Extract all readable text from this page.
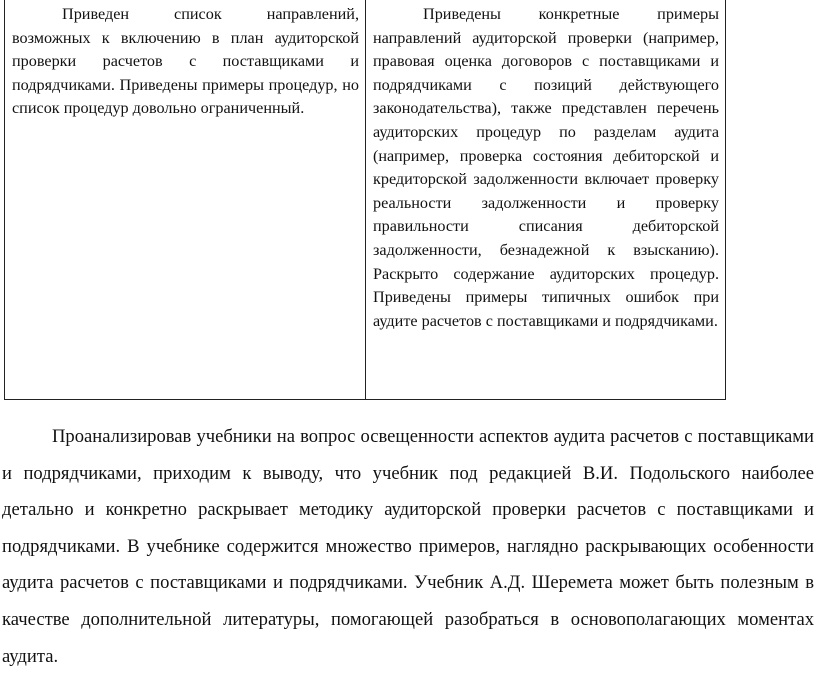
Приведен список направлений, возможных к включению в план аудиторской проверки расчетов с поставщиками и подрядчиками. Приведены примеры процедур, но список процедур довольно ограниченный.
Приведены конкретные примеры направлений аудиторской проверки (например, правовая оценка договоров с поставщиками и подрядчиками с позиций действующего законодательства), также представлен перечень аудиторских процедур по разделам аудита (например, проверка состояния дебиторской и кредиторской задолженности включает проверку реальности задолженности и проверку правильности списания дебиторской задолженности, безнадежной к взысканию). Раскрыто содержание аудиторских процедур. Приведены примеры типичных ошибок при аудите расчетов с поставщиками и подрядчиками.

Проанализировав учебники на вопрос освещенности аспектов аудита расчетов с поставщиками и подрядчиками, приходим к выводу, что учебник под редакцией В.И. Подольского наиболее детально и конкретно раскрывает методику аудиторской проверки расчетов с поставщиками и подрядчиками. В учебнике содержится множество примеров, наглядно раскрывающих особенности аудита расчетов с поставщиками и подрядчиками. Учебник А.Д. Шеремета может быть полезным в качестве дополнительной литературы, помогающей разобраться в основополагающих моментах аудита.
